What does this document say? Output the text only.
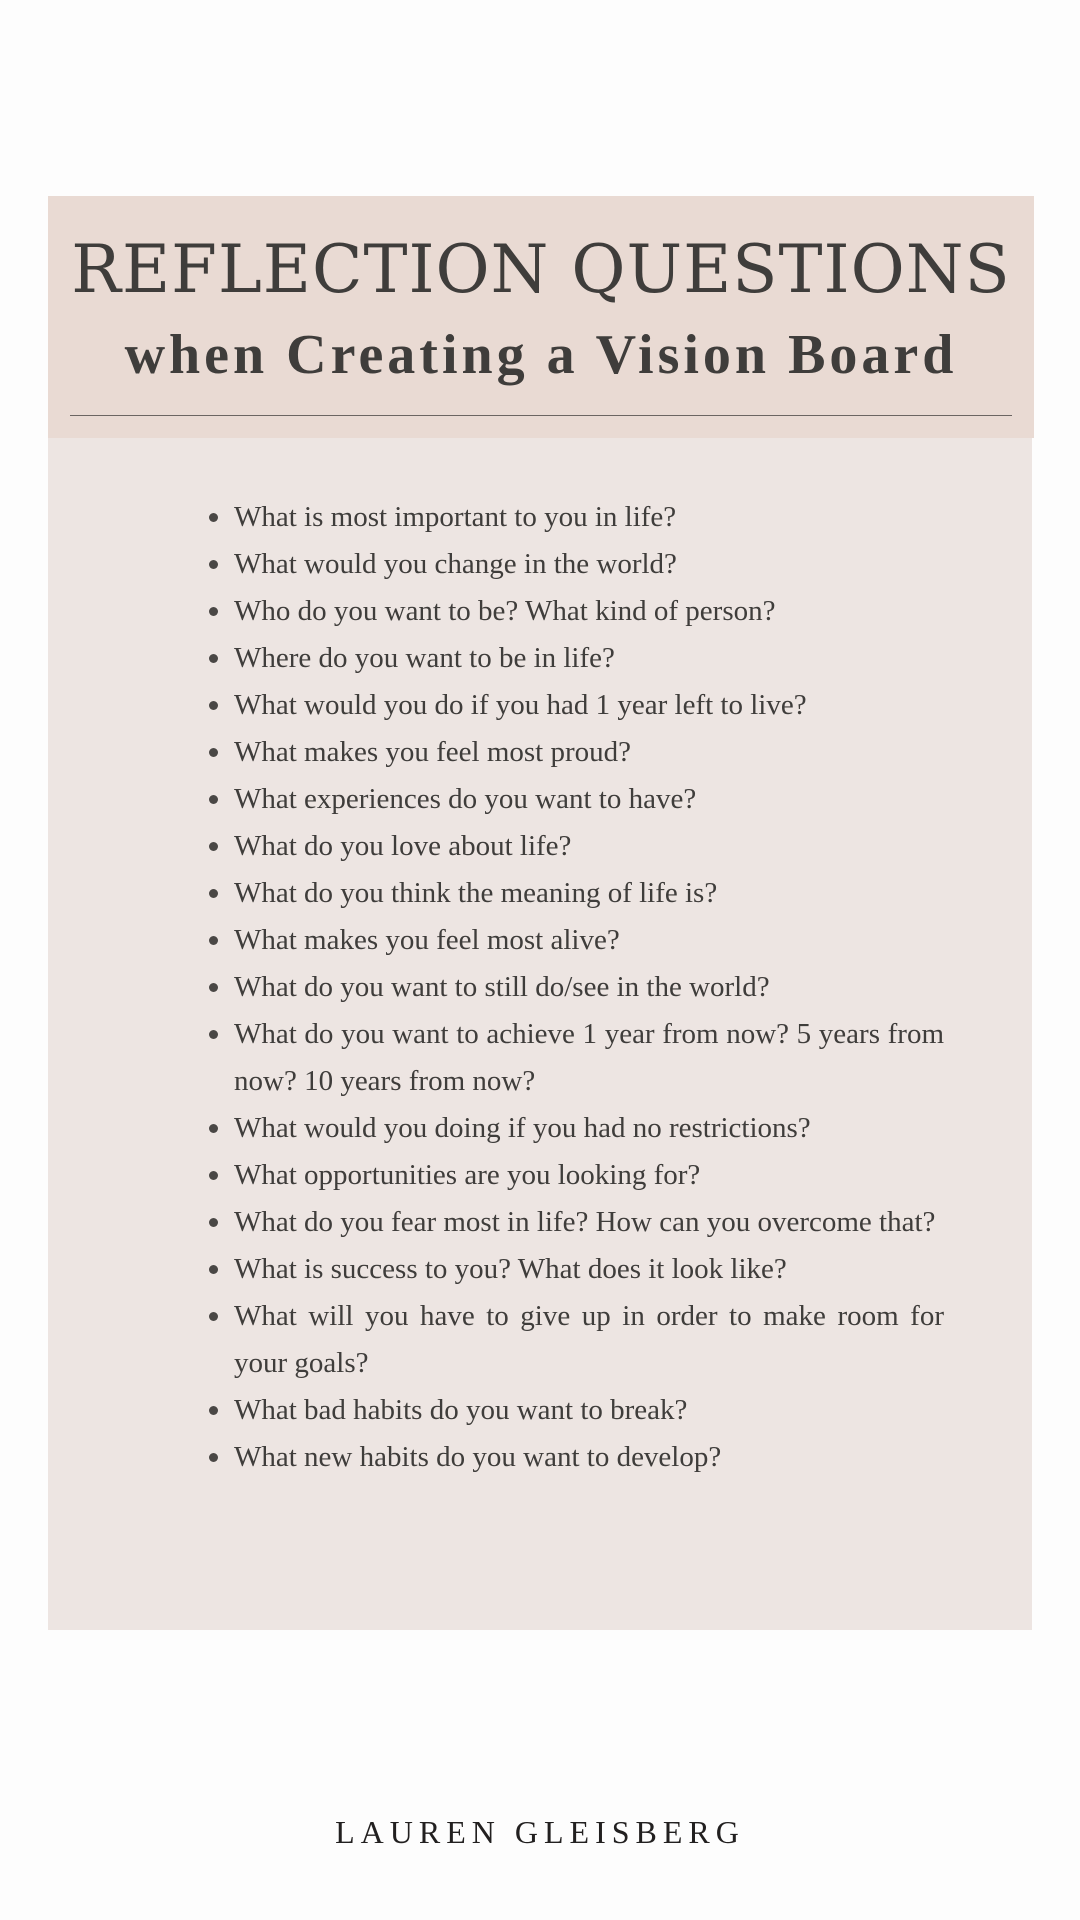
REFLECTION QUESTIONS
when Creating a Vision Board
What is most important to you in life?
What would you change in the world?
Who do you want to be? What kind of person?
Where do you want to be in life?
What would you do if you had 1 year left to live?
What makes you feel most proud?
What experiences do you want to have?
What do you love about life?
What do you think the meaning of life is?
What makes you feel most alive?
What do you want to still do/see in the world?
What do you want to achieve 1 year from now? 5 years from now? 10 years from now?
What would you doing if you had no restrictions?
What opportunities are you looking for?
What do you fear most in life? How can you overcome that?
What is success to you? What does it look like?
What will you have to give up in order to make room for your goals?
What bad habits do you want to break?
What new habits do you want to develop?
LAUREN GLEISBERG
